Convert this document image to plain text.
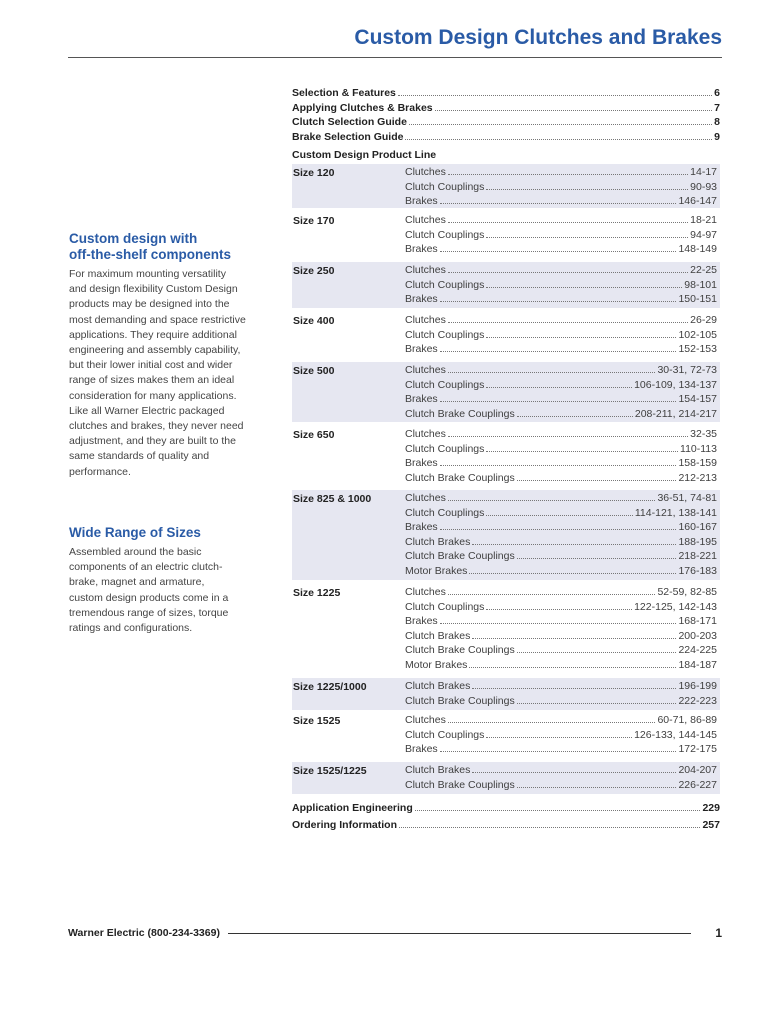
Custom Design Clutches and Brakes
Custom design with
off-the-shelf components

For maximum mounting versatility
and design flexibility Custom Design
products may be designed into the
most demanding and space restrictive
applications. They require additional
engineering and assembly capability,
but their lower initial cost and wider
range of sizes makes them an ideal
consideration for many applications.
Like all Warner Electric packaged
clutches and brakes, they never need
adjustment, and they are built to the
same standards of quality and
performance.

Wide Range of Sizes

Assembled around the basic
components of an electric clutch-
brake, magnet and armature,
custom design products come in a
tremendous range of sizes, torque
ratings and configurations.

Selection & Features	6
Applying Clutches & Brakes	7
Clutch Selection Guide	8
Brake Selection Guide	9
Custom Design Product Line
Size 120	Clutches	14-17
Clutch Couplings	90-93
Brakes	146-147
Size 170	Clutches	18-21
Clutch Couplings	94-97
Brakes	148-149
Size 250	Clutches	22-25
Clutch Couplings	98-101
Brakes	150-151
Size 400	Clutches	26-29
Clutch Couplings	102-105
Brakes	152-153
Size 500	Clutches	30-31, 72-73
Clutch Couplings	106-109, 134-137
Brakes	154-157
Clutch Brake Couplings	208-211, 214-217
Size 650	Clutches	32-35
Clutch Couplings	110-113
Brakes	158-159
Clutch Brake Couplings	212-213
Size 825 & 1000	Clutches	36-51, 74-81
Clutch Couplings	114-121, 138-141
Brakes	160-167
Clutch Brakes	188-195
Clutch Brake Couplings	218-221
Motor Brakes	176-183
Size 1225	Clutches	52-59, 82-85
Clutch Couplings	122-125, 142-143
Brakes	168-171
Clutch Brakes	200-203
Clutch Brake Couplings	224-225
Motor Brakes	184-187
Size 1225/1000	Clutch Brakes	196-199
Clutch Brake Couplings	222-223
Size 1525	Clutches	60-71, 86-89
Clutch Couplings	126-133, 144-145
Brakes	172-175
Size 1525/1225	Clutch Brakes	204-207
Clutch Brake Couplings	226-227
Application Engineering	229
Ordering Information	257
Warner Electric (800-234-3369)	1
